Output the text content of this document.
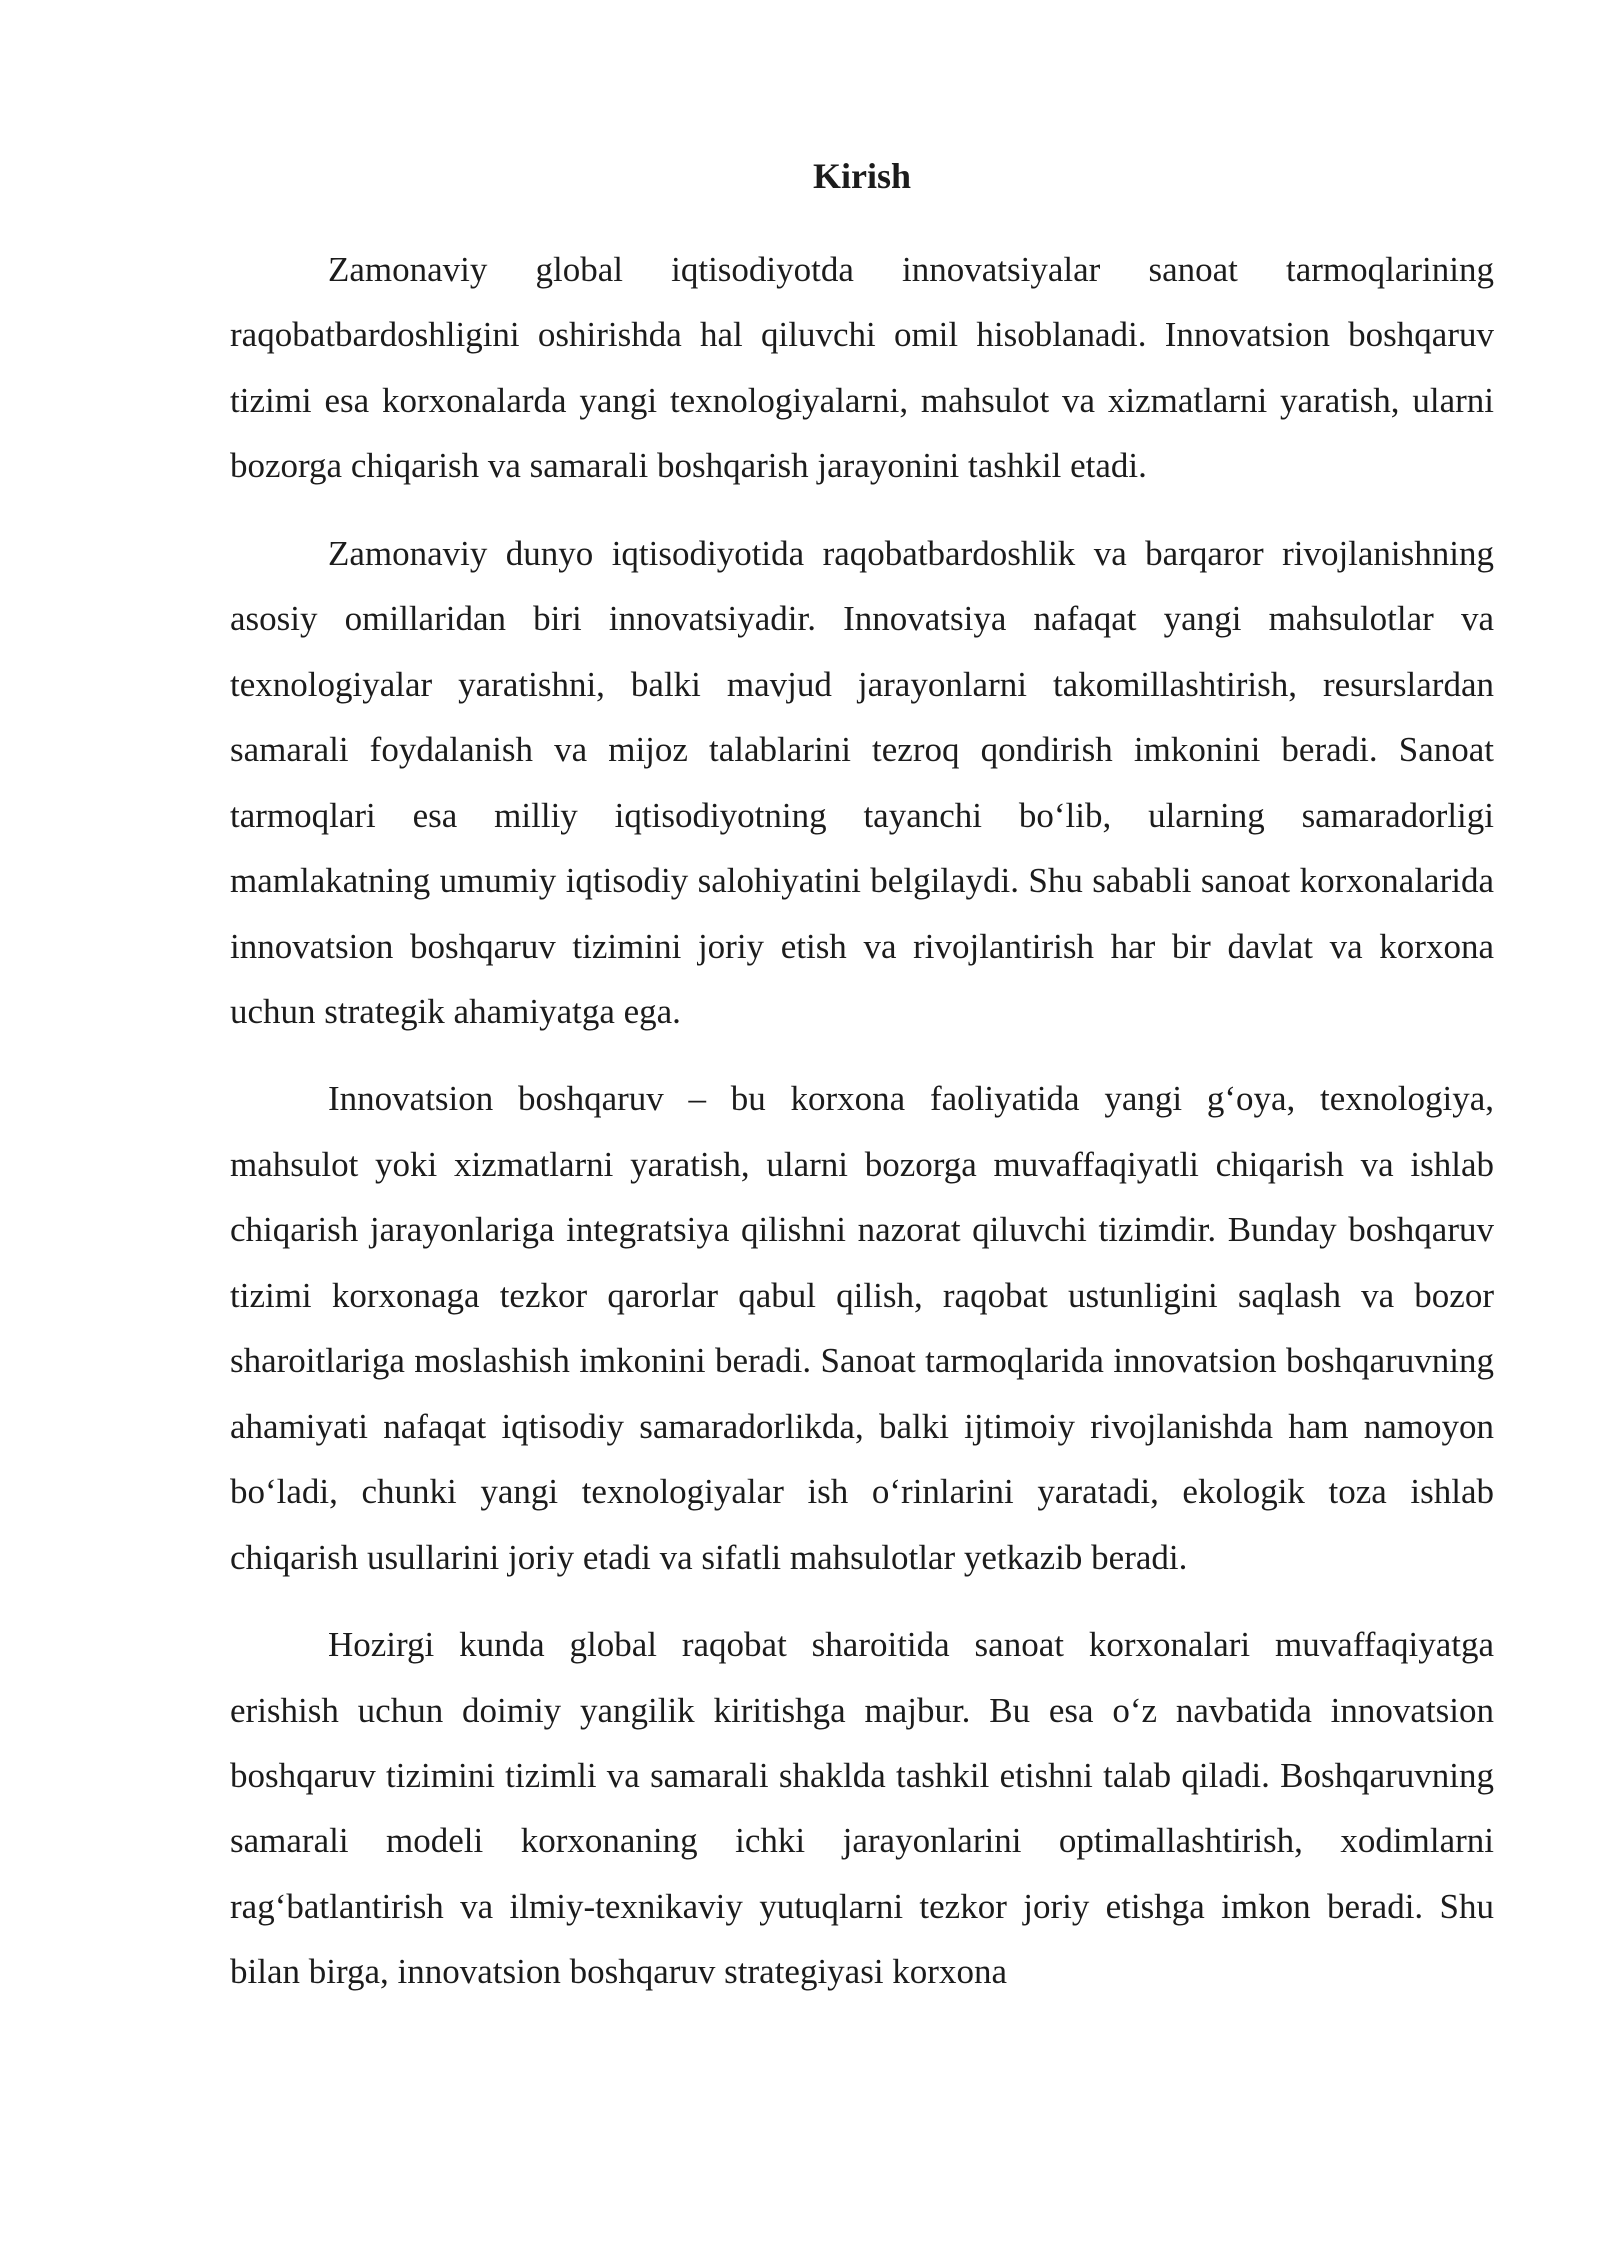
Kirish

Zamonaviy global iqtisodiyotda innovatsiyalar sanoat tarmoqlarining raqobatbardoshligini oshirishda hal qiluvchi omil hisoblanadi. Innovatsion boshqaruv tizimi esa korxonalarda yangi texnologiyalarni, mahsulot va xizmatlarni yaratish, ularni bozorga chiqarish va samarali boshqarish jarayonini tashkil etadi.

Zamonaviy dunyo iqtisodiyotida raqobatbardoshlik va barqaror rivojlanishning asosiy omillaridan biri innovatsiyadir. Innovatsiya nafaqat yangi mahsulotlar va texnologiyalar yaratishni, balki mavjud jarayonlarni takomillashtirish, resurslardan samarali foydalanish va mijoz talablarini tezroq qondirish imkonini beradi. Sanoat tarmoqlari esa milliy iqtisodiyotning tayanchi bo‘lib, ularning samaradorligi mamlakatning umumiy iqtisodiy salohiyatini belgilaydi. Shu sababli sanoat korxonalarida innovatsion boshqaruv tizimini joriy etish va rivojlantirish har bir davlat va korxona uchun strategik ahamiyatga ega.

Innovatsion boshqaruv – bu korxona faoliyatida yangi g‘oya, texnologiya, mahsulot yoki xizmatlarni yaratish, ularni bozorga muvaffaqiyatli chiqarish va ishlab chiqarish jarayonlariga integratsiya qilishni nazorat qiluvchi tizimdir. Bunday boshqaruv tizimi korxonaga tezkor qarorlar qabul qilish, raqobat ustunligini saqlash va bozor sharoitlariga moslashish imkonini beradi. Sanoat tarmoqlarida innovatsion boshqaruvning ahamiyati nafaqat iqtisodiy samaradorlikda, balki ijtimoiy rivojlanishda ham namoyon bo‘ladi, chunki yangi texnologiyalar ish o‘rinlarini yaratadi, ekologik toza ishlab chiqarish usullarini joriy etadi va sifatli mahsulotlar yetkazib beradi.

Hozirgi kunda global raqobat sharoitida sanoat korxonalari muvaffaqiyatga erishish uchun doimiy yangilik kiritishga majbur. Bu esa o‘z navbatida innovatsion boshqaruv tizimini tizimli va samarali shaklda tashkil etishni talab qiladi. Boshqaruvning samarali modeli korxonaning ichki jarayonlarini optimallashtirish, xodimlarni rag‘batlantirish va ilmiy-texnikaviy yutuqlarni tezkor joriy etishga imkon beradi. Shu bilan birga, innovatsion boshqaruv strategiyasi korxona
